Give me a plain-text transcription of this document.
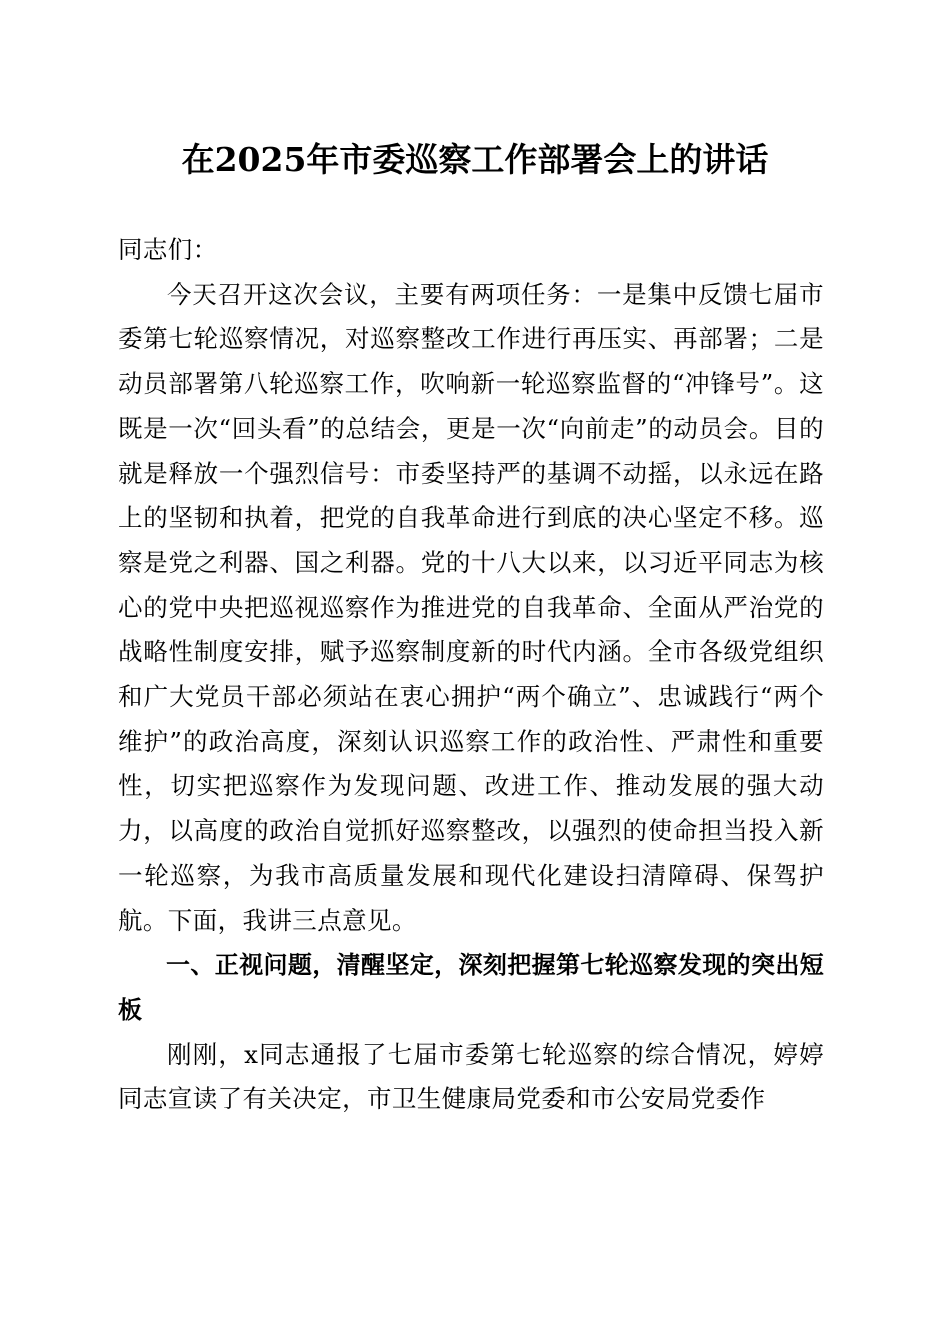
在2025年市委巡察工作部署会上的讲话

同志们：

今天召开这次会议，主要有两项任务：一是集中反馈七届市委第七轮巡察情况，对巡察整改工作进行再压实、再部署；二是动员部署第八轮巡察工作，吹响新一轮巡察监督的“冲锋号”。这既是一次“回头看”的总结会，更是一次“向前走”的动员会。目的就是释放一个强烈信号：市委坚持严的基调不动摇，以永远在路上的坚韧和执着，把党的自我革命进行到底的决心坚定不移。巡察是党之利器、国之利器。党的十八大以来，以习近平同志为核心的党中央把巡视巡察作为推进党的自我革命、全面从严治党的战略性制度安排，赋予巡察制度新的时代内涵。全市各级党组织和广大党员干部必须站在衷心拥护“两个确立”、忠诚践行“两个维护”的政治高度，深刻认识巡察工作的政治性、严肃性和重要性，切实把巡察作为发现问题、改进工作、推动发展的强大动力，以高度的政治自觉抓好巡察整改，以强烈的使命担当投入新一轮巡察，为我市高质量发展和现代化建设扫清障碍、保驾护航。下面，我讲三点意见。

一、正视问题，清醒坚定，深刻把握第七轮巡察发现的突出短板

刚刚，x同志通报了七届市委第七轮巡察的综合情况，婷婷同志宣读了有关决定，市卫生健康局党委和市公安局党委作
